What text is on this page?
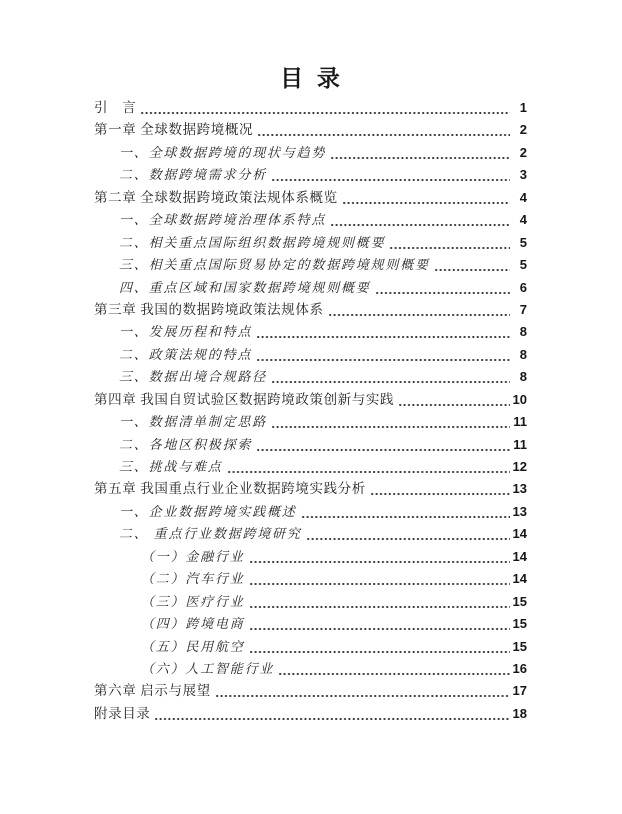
目 录
引　言	1
第一章 全球数据跨境概况	2
一、全球数据跨境的现状与趋势	2
二、数据跨境需求分析	3
第二章 全球数据跨境政策法规体系概览	4
一、全球数据跨境治理体系特点	4
二、相关重点国际组织数据跨境规则概要	5
三、相关重点国际贸易协定的数据跨境规则概要	5
四、重点区域和国家数据跨境规则概要	6
第三章 我国的数据跨境政策法规体系	7
一、发展历程和特点	8
二、政策法规的特点	8
三、数据出境合规路径	8
第四章 我国自贸试验区数据跨境政策创新与实践	10
一、数据清单制定思路	11
二、各地区积极探索	11
三、挑战与难点	12
第五章 我国重点行业企业数据跨境实践分析	13
一、企业数据跨境实践概述	13
二、 重点行业数据跨境研究	14
（一）金融行业	14
（二）汽车行业	14
（三）医疗行业	15
（四）跨境电商	15
（五）民用航空	15
（六）人工智能行业	16
第六章 启示与展望	17
附录目录	18
